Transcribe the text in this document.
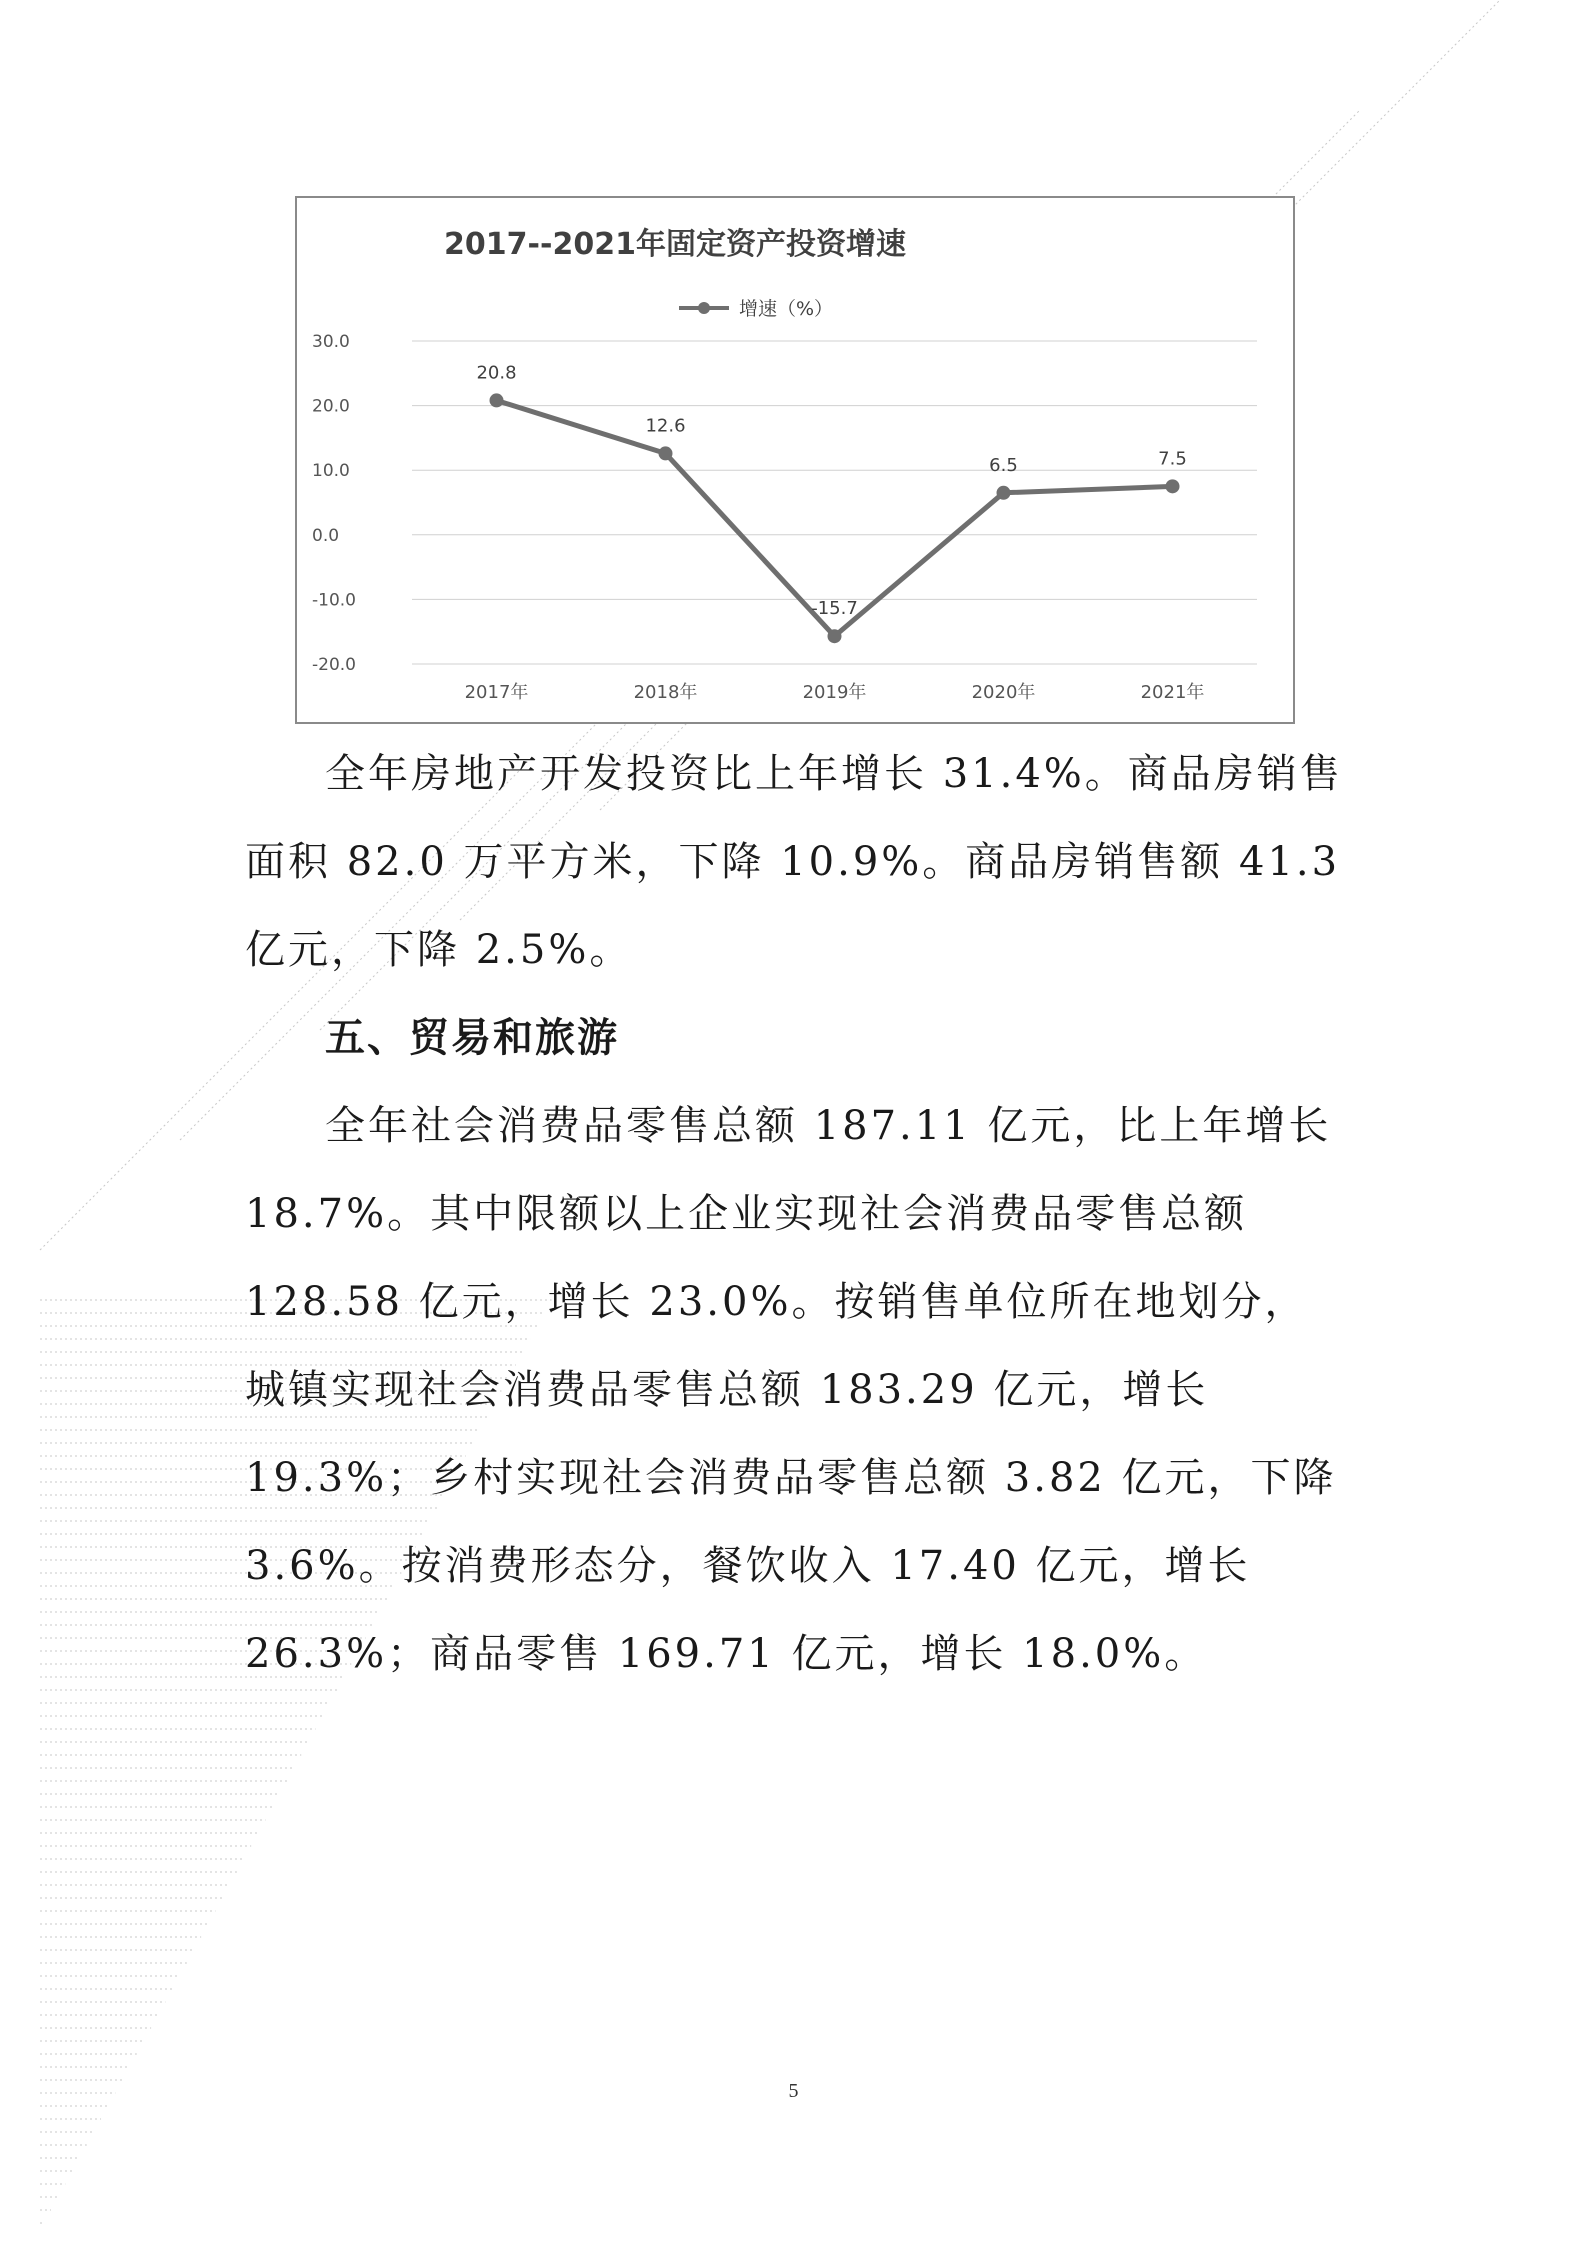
2017--2021年固定资产投资增速
增速（%）
30.0
20.0
10.0
0.0
-10.0
-20.0
2017年	2018年	2019年	2020年	2021年
20.8
12.6
-15.7
6.5	7.5

全年房地产开发投资比上年增长 31.4%。商品房销售面积 82.0 万平方米，下降 10.9%。商品房销售额 41.3 亿元，下降 2.5%。

五、贸易和旅游

全年社会消费品零售总额 187.11 亿元，比上年增长 18.7%。其中限额以上企业实现社会消费品零售总额 128.58 亿元，增长 23.0%。按销售单位所在地划分，城镇实现社会消费品零售总额 183.29 亿元，增长 19.3%；乡村实现社会消费品零售总额 3.82 亿元，下降 3.6%。按消费形态分，餐饮收入 17.40 亿元，增长 26.3%；商品零售 169.71 亿元，增长 18.0%。

5
